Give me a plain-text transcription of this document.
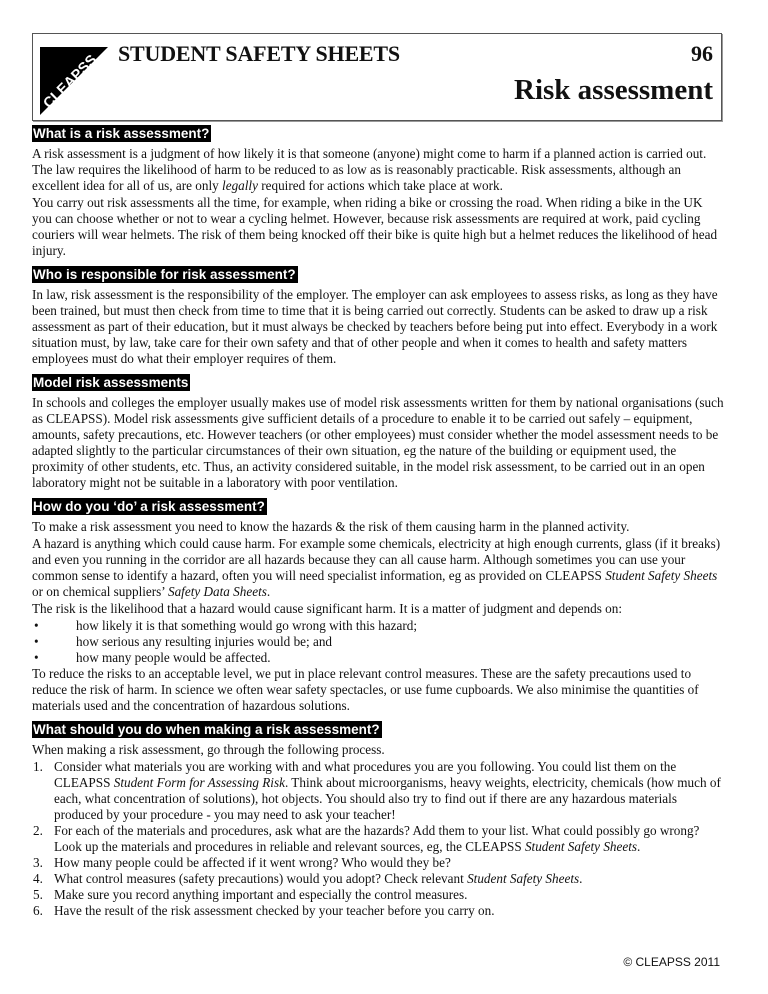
CLEAPSS STUDENT SAFETY SHEETS	96
Risk assessment
What is a risk assessment?

A risk assessment is a judgment of how likely it is that someone (anyone) might come to harm if a planned action is carried out. The law requires the likelihood of harm to be reduced to as low as is reasonably practicable. Risk assessments, although an excellent idea for all of us, are only legally required for actions which take place at work.

You carry out risk assessments all the time, for example, when riding a bike or crossing the road. When riding a bike in the UK you can choose whether or not to wear a cycling helmet. However, because risk assessments are required at work, paid cycling couriers will wear helmets. The risk of them being knocked off their bike is quite high but a helmet reduces the likelihood of head injury.

Who is responsible for risk assessment?

In law, risk assessment is the responsibility of the employer. The employer can ask employees to assess risks, as long as they have been trained, but must then check from time to time that it is being carried out correctly. Students can be asked to draw up a risk assessment as part of their education, but it must always be checked by teachers before being put into effect. Everybody in a work situation must, by law, take care for their own safety and that of other people and when it comes to health and safety matters employees must do what their employer requires of them.

Model risk assessments

In schools and colleges the employer usually makes use of model risk assessments written for them by national organisations (such as CLEAPSS). Model risk assessments give sufficient details of a procedure to enable it to be carried out safely – equipment, amounts, safety precautions, etc. However teachers (or other employees) must consider whether the model assessment needs to be adapted slightly to the particular circumstances of their own situation, eg the nature of the building or equipment used, the proximity of other students, etc. Thus, an activity considered suitable, in the model risk assessment, to be carried out in an open laboratory might not be suitable in a laboratory with poor ventilation.

How do you ‘do’ a risk assessment?

To make a risk assessment you need to know the hazards & the risk of them causing harm in the planned activity.

A hazard is anything which could cause harm. For example some chemicals, electricity at high enough currents, glass (if it breaks) and even you running in the corridor are all hazards because they can all cause harm. Although sometimes you can use your common sense to identify a hazard, often you will need specialist information, eg as provided on CLEAPSS Student Safety Sheets or on chemical suppliers’ Safety Data Sheets.

The risk is the likelihood that a hazard would cause significant harm. It is a matter of judgment and depends on:

• how likely it is that something would go wrong with this hazard;
• how serious any resulting injuries would be; and
• how many people would be affected.

To reduce the risks to an acceptable level, we put in place relevant control measures. These are the safety precautions used to reduce the risk of harm. In science we often wear safety spectacles, or use fume cupboards. We also minimise the quantities of materials used and the concentration of hazardous solutions.

What should you do when making a risk assessment?

When making a risk assessment, go through the following process.

1. Consider what materials you are working with and what procedures you are you following. You could list them on the CLEAPSS Student Form for Assessing Risk. Think about microorganisms, heavy weights, electricity, chemicals (how much of each, what concentration of solutions), hot objects. You should also try to find out if there are any hazardous materials produced by your procedure - you may need to ask your teacher!
2. For each of the materials and procedures, ask what are the hazards? Add them to your list. What could possibly go wrong? Look up the materials and procedures in reliable and relevant sources, eg, the CLEAPSS Student Safety Sheets.
3. How many people could be affected if it went wrong? Who would they be?
4. What control measures (safety precautions) would you adopt? Check relevant Student Safety Sheets.
5. Make sure you record anything important and especially the control measures.
6. Have the result of the risk assessment checked by your teacher before you carry on.
© CLEAPSS 2011
